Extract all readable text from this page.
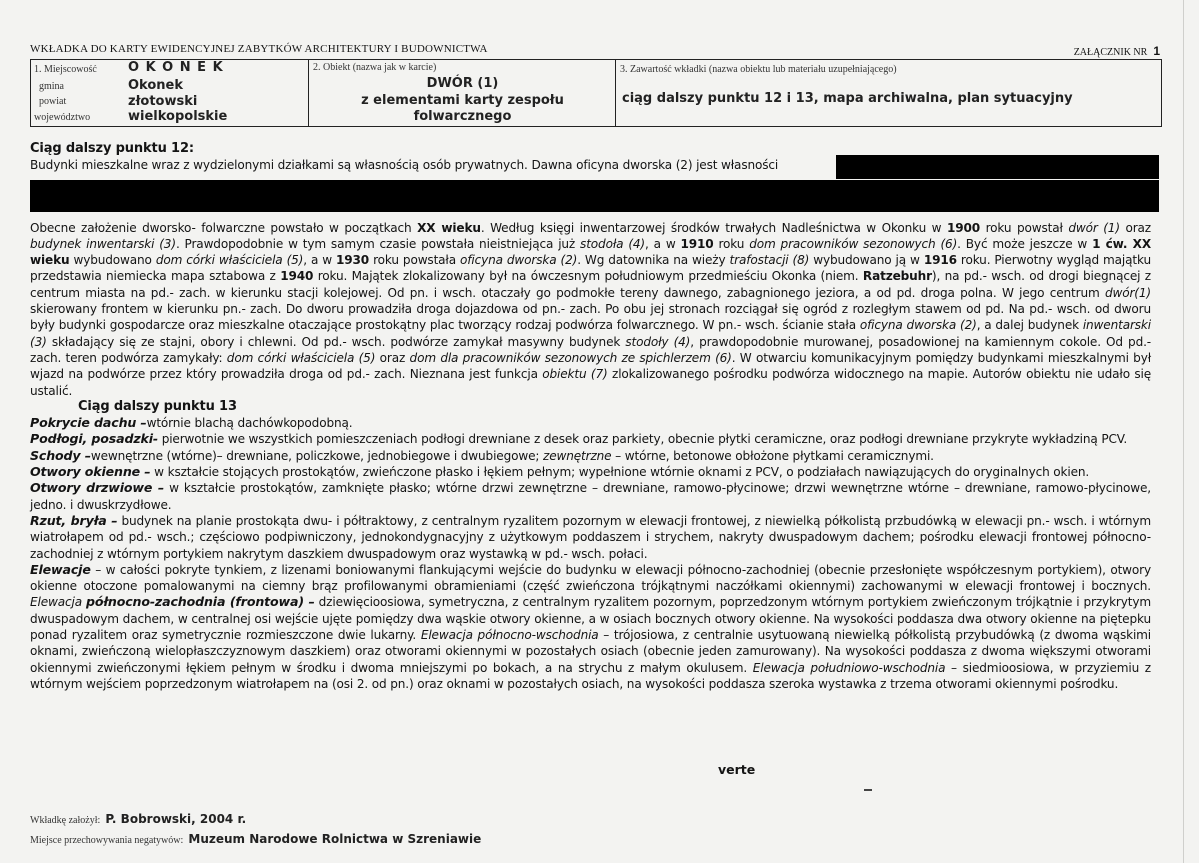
WKŁADKA DO KARTY EWIDENCYJNEJ ZABYTKÓW ARCHITEKTURY I BUDOWNICTWA	ZAŁĄCZNIK NR 1
1. Miejscowość O K O N E K
gmina	Okonek
powiat	złotowski
województwo	wielkopolskie
2. Obiekt (nazwa jak w karcie)
DWÓR (1)
z elementami karty zespołu
folwarcznego
3. Zawartość wkładki (nazwa obiektu lub materiału uzupełniającego)
ciąg dalszy punktu 12 i 13, mapa archiwalna, plan sytuacyjny

Ciąg dalszy punktu 12:

Budynki mieszkalne wraz z wydzielonymi działkami są własnością osób prywatnych. Dawna oficyna dworska (2) jest własności

Obecne założenie dworsko- folwarczne powstało w początkach XX wieku. Według księgi inwentarzowej środków trwałych Nadleśnictwa w Okonku w 1900 roku powstał dwór (1) oraz budynek inwentarski (3). Prawdopodobnie w tym samym czasie powstała nieistniejąca już stodoła (4), a w 1910 roku dom pracowników sezonowych (6). Być może jeszcze w 1 ćw. XX wieku wybudowano dom córki właściciela (5), a w 1930 roku powstała oficyna dworska (2). Wg datownika na wieży trafostacji (8) wybudowano ją w 1916 roku. Pierwotny wygląd majątku przedstawia niemiecka mapa sztabowa z 1940 roku. Majątek zlokalizowany był na ówczesnym południowym przedmieściu Okonka (niem. Ratzebuhr), na pd.- wsch. od drogi biegnącej z centrum miasta na pd.- zach. w kierunku stacji kolejowej. Od pn. i wsch. otaczały go podmokłe tereny dawnego, zabagnionego jeziora, a od pd. droga polna. W jego centrum dwór(1) skierowany frontem w kierunku pn.- zach. Do dworu prowadziła droga dojazdowa od pn.- zach. Po obu jej stronach rozciągał się ogród z rozległym stawem od pd. Na pd.- wsch. od dworu były budynki gospodarcze oraz mieszkalne otaczające prostokątny plac tworzący rodzaj podwórza folwarcznego. W pn.- wsch. ścianie stała oficyna dworska (2), a dalej budynek inwentarski (3) składający się ze stajni, obory i chlewni. Od pd.- wsch. podwórze zamykał masywny budynek stodoły (4), prawdopodobnie murowanej, posadowionej na kamiennym cokole. Od pd.- zach. teren podwórza zamykały: dom córki właściciela (5) oraz dom dla pracowników sezonowych ze spichlerzem (6). W otwarciu komunikacyjnym pomiędzy budynkami mieszkalnymi był wjazd na podwórze przez który prowadziła droga od pd.- zach. Nieznana jest funkcja obiektu (7) zlokalizowanego pośrodku podwórza widocznego na mapie. Autorów obiektu nie udało się ustalić.

Ciąg dalszy punktu 13

Pokrycie dachu –wtórnie blachą dachówkopodobną.

Podłogi, posadzki- pierwotnie we wszystkich pomieszczeniach podłogi drewniane z desek oraz parkiety, obecnie płytki ceramiczne, oraz podłogi drewniane przykryte wykładziną PCV.

Schody –wewnętrzne (wtórne)– drewniane, policzkowe, jednobiegowe i dwubiegowe; zewnętrzne – wtórne, betonowe obłożone płytkami ceramicznymi.

Otwory okienne – w kształcie stojących prostokątów, zwieńczone płasko i łękiem pełnym; wypełnione wtórnie oknami z PCV, o podziałach nawiązujących do oryginalnych okien.

Otwory drzwiowe – w kształcie prostokątów, zamknięte płasko; wtórne drzwi zewnętrzne – drewniane, ramowo-płycinowe; drzwi wewnętrzne wtórne – drewniane, ramowo-płycinowe, jedno. i dwuskrzydłowe.

Rzut, bryła – budynek na planie prostokąta dwu- i półtraktowy, z centralnym ryzalitem pozornym w elewacji frontowej, z niewielką półkolistą przbudówką w elewacji pn.- wsch. i wtórnym wiatrołapem od pd.- wsch.; częściowo podpiwniczony, jednokondygnacyjny z użytkowym poddaszem i strychem, nakryty dwuspadowym dachem; pośrodku elewacji frontowej północno-zachodniej z wtórnym portykiem nakrytym daszkiem dwuspadowym oraz wystawką w pd.- wsch. połaci.

Elewacje – w całości pokryte tynkiem, z lizenami boniowanymi flankującymi wejście do budynku w elewacji północno-zachodniej (obecnie przesłonięte współczesnym portykiem), otwory okienne otoczone pomalowanymi na ciemny brąz profilowanymi obramieniami (część zwieńczona trójkątnymi naczółkami okiennymi) zachowanymi w elewacji frontowej i bocznych. Elewacja północno-zachodnia (frontowa) – dziewięcioosiowa, symetryczna, z centralnym ryzalitem pozornym, poprzedzonym wtórnym portykiem zwieńczonym trójkątnie i przykrytym dwuspadowym dachem, w centralnej osi wejście ujęte pomiędzy dwa wąskie otwory okienne, a w osiach bocznych otwory okienne. Na wysokości poddasza dwa otwory okienne na piętерku ponad ryzalitem oraz symetrycznie rozmieszczone dwie lukarny. Elewacja północno-wschodnia – trójosiowa, z centralnie usytuowaną niewielką półkolistą przybudówką (z dwoma wąskimi oknami, zwieńczoną wielopłaszczyznowym daszkiem) oraz otworami okiennymi w pozostałych osiach (obecnie jeden zamurowany). Na wysokości poddasza z dwoma większymi otworami okiennymi zwieńczonymi łękiem pełnym w środku i dwoma mniejszymi po bokach, a na strychu z małym okulusem. Elewacja południowo-wschodnia – siedmioosiowa, w przyziemiu z wtórnym wejściem poprzedzonym wiatrołapem na (osi 2. od pn.) oraz oknami w pozostałych osiach, na wysokości poddasza szeroka wystawka z trzema otworami okiennymi pośrodku.

verte
Wkładkę założył: P. Bobrowski, 2004 r.
Miejsce przechowywania negatywów: Muzeum Narodowe Rolnictwa w Szreniawie
